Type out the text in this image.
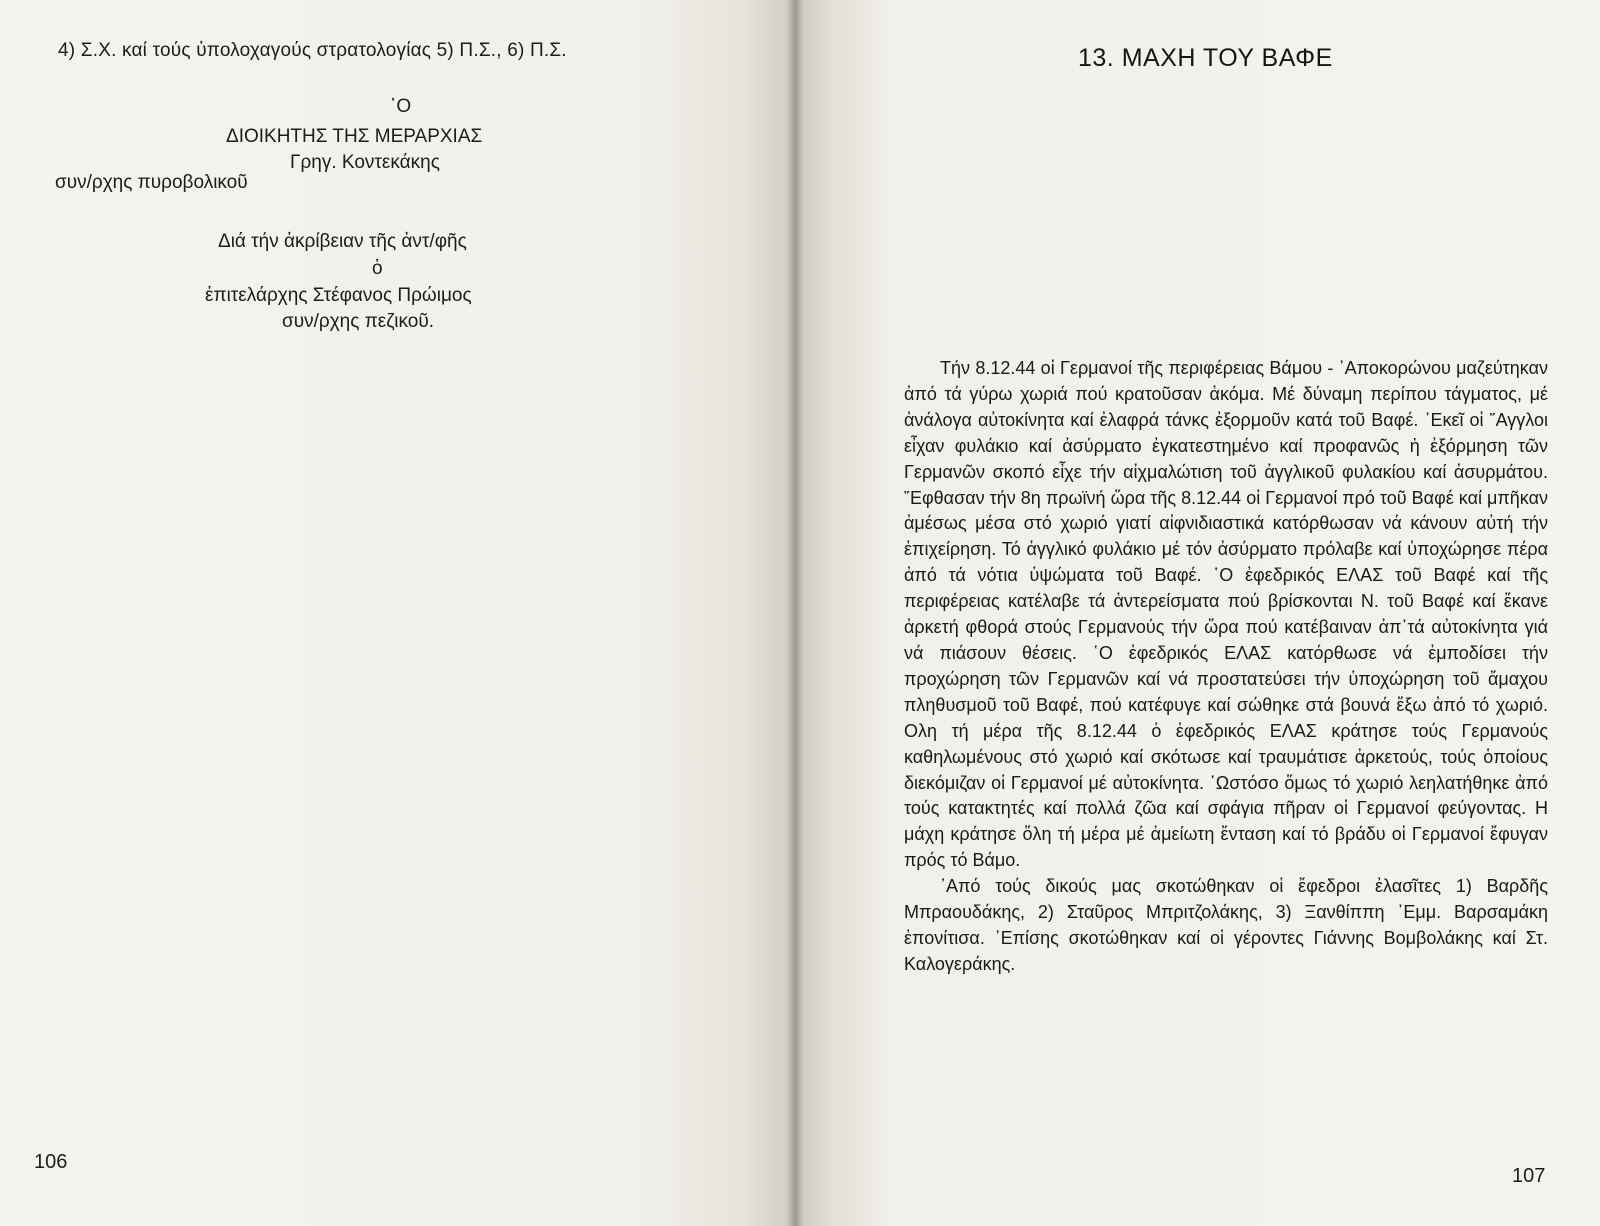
4) Σ.Χ. καί τούς ὑπολοχαγούς στρατολογίας 5) Π.Σ., 6) Π.Σ.
῾Ο
ΔΙΟΙΚΗΤΗΣ ΤΗΣ ΜΕΡΑΡΧΙΑΣ
Γρηγ. Κοντεκάκης
συν/ρχης πυροβολικοῦ
Διά τήν ἀκρίβειαν τῆς ἀντ/φῆς
ὁ
ἐπιτελάρχης Στέφανος Πρώιμος
συν/ρχης πεζικοῦ.
106
13. ΜΑΧΗ ΤΟΥ ΒΑΦΕ

Τήν 8.12.44 οἱ Γερμανοί τῆς περιφέρειας Βάμου - ᾿Αποκορώνου μαζεύτηκαν ἀπό τά γύρω χωριά πού κρατοῦσαν ἀκόμα. Μέ δύναμη περίπου τάγματος, μέ ἀνάλογα αὐτοκίνητα καί ἐλαφρά τάνκς ἐξορμοῦν κατά τοῦ Βαφέ. ᾿Εκεῖ οἱ ῎Αγγλοι εἶχαν φυλάκιο καί ἀσύρματο ἐγκατεστημένο καί προφανῶς ἡ ἐξόρμηση τῶν Γερμανῶν σκοπό εἶχε τήν αἰχμαλώτιση τοῦ ἀγγλικοῦ φυλακίου καί ἀσυρμάτου. ῎Εφθασαν τήν 8η πρωϊνή ὥρα τῆς 8.12.44 οἱ Γερμανοί πρό τοῦ Βαφέ καί μπῆκαν ἀμέσως μέσα στό χωριό γιατί αἰφνιδιαστικά κατόρθωσαν νά κάνουν αὐτή τήν ἐπιχείρηση. Τό ἀγγλικό φυλάκιο μέ τόν ἀσύρματο πρόλαβε καί ὑποχώρησε πέρα ἀπό τά νότια ὑψώματα τοῦ Βαφέ. ῾Ο ἐφεδρικός ΕΛΑΣ τοῦ Βαφέ καί τῆς περιφέρειας κατέλαβε τά ἀντερείσματα πού βρίσκονται Ν. τοῦ Βαφέ καί ἔκανε ἀρκετή φθορά στούς Γερμανούς τήν ὥρα πού κατέβαιναν ἀπ᾿τά αὐτοκίνητα γιά νά πιάσουν θέσεις. ῾Ο ἐφεδρικός ΕΛΑΣ κατόρθωσε νά ἐμποδίσει τήν προχώρηση τῶν Γερμανῶν καί νά προστατεύσει τήν ὑποχώρηση τοῦ ἄμαχου πληθυσμοῦ τοῦ Βαφέ, πού κατέφυγε καί σώθηκε στά βουνά ἔξω ἀπό τό χωριό. Ολη τή μέρα τῆς 8.12.44 ὁ ἐφεδρικός ΕΛΑΣ κράτησε τούς Γερμανούς καθηλωμένους στό χωριό καί σκότωσε καί τραυμάτισε ἀρκετούς, τούς ὁποίους διεκόμιζαν οἱ Γερμανοί μέ αὐτοκίνητα. ῾Ωστόσο ὅμως τό χωριό λεηλατήθηκε ἀπό τούς κατακτητές καί πολλά ζῶα καί σφάγια πῆραν οἱ Γερμανοί φεύγοντας. Η μάχη κράτησε ὅλη τή μέρα μέ ἀμείωτη ἔνταση καί τό βράδυ οἱ Γερμανοί ἔφυγαν πρός τό Βάμο.

᾿Από τούς δικούς μας σκοτώθηκαν οἱ ἔφεδροι ἐλασῖτες 1) Βαρδῆς Μπραουδάκης, 2) Σταῦρος Μπριτζολάκης, 3) Ξανθίππη ᾿Εμμ. Βαρσαμάκη ἐπονίτισα. ᾿Επίσης σκοτώθηκαν καί οἱ γέροντες Γιάννης Βομβολάκης καί Στ. Καλογεράκης.

107
